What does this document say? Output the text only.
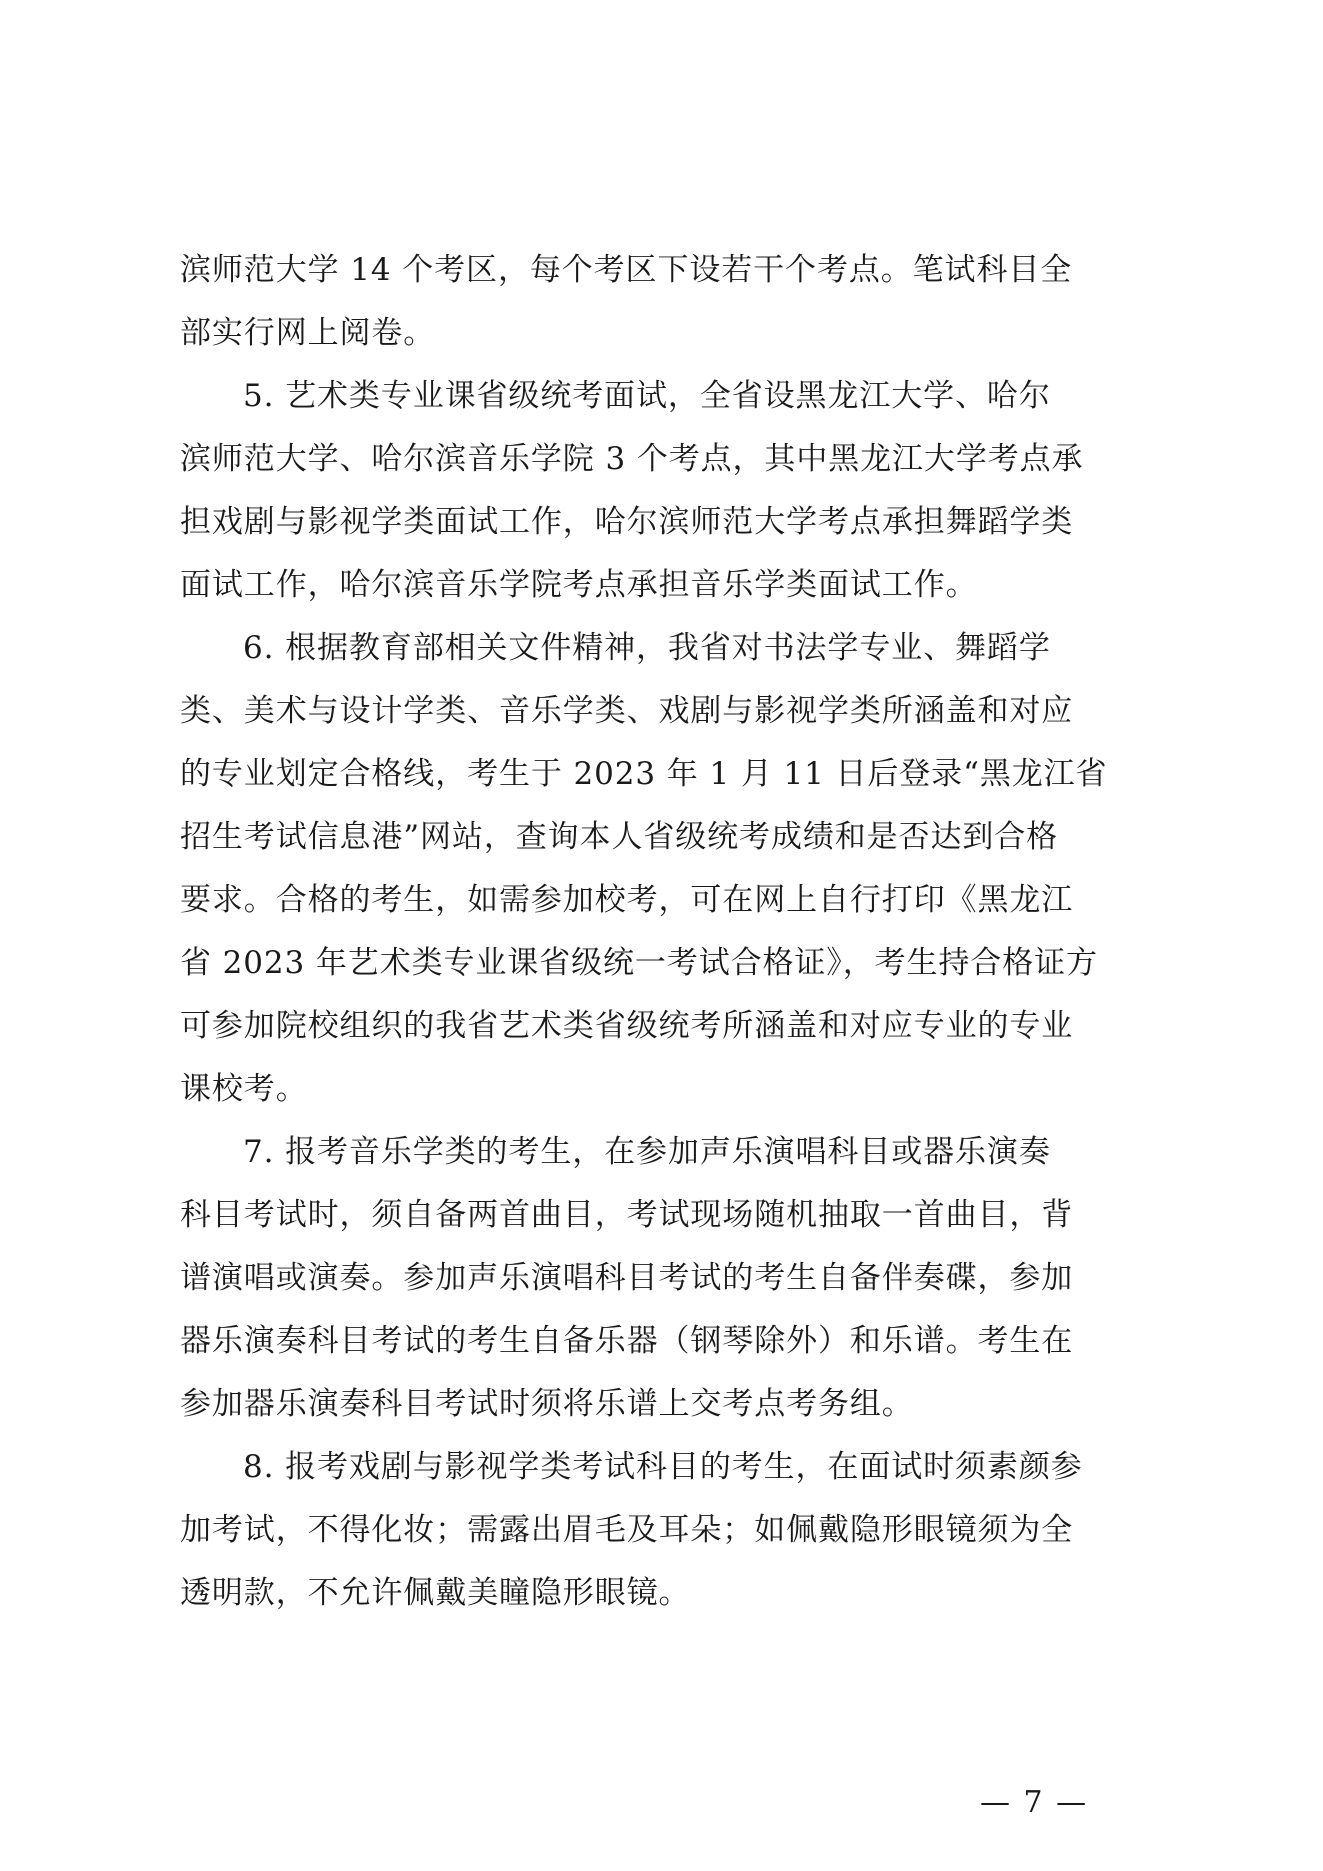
滨师范大学 14 个考区，每个考区下设若干个考点。笔试科目全
部实行网上阅卷。
5. 艺术类专业课省级统考面试，全省设黑龙江大学、哈尔
滨师范大学、哈尔滨音乐学院 3 个考点，其中黑龙江大学考点承
担戏剧与影视学类面试工作，哈尔滨师范大学考点承担舞蹈学类
面试工作，哈尔滨音乐学院考点承担音乐学类面试工作。
6. 根据教育部相关文件精神，我省对书法学专业、舞蹈学
类、美术与设计学类、音乐学类、戏剧与影视学类所涵盖和对应
的专业划定合格线，考生于 2023 年 1 月 11 日后登录“黑龙江省
招生考试信息港”网站，查询本人省级统考成绩和是否达到合格
要求。合格的考生，如需参加校考，可在网上自行打印《黑龙江
省 2023 年艺术类专业课省级统一考试合格证》，考生持合格证方
可参加院校组织的我省艺术类省级统考所涵盖和对应专业的专业
课校考。
7. 报考音乐学类的考生，在参加声乐演唱科目或器乐演奏
科目考试时，须自备两首曲目，考试现场随机抽取一首曲目，背
谱演唱或演奏。参加声乐演唱科目考试的考生自备伴奏碟，参加
器乐演奏科目考试的考生自备乐器（钢琴除外）和乐谱。考生在
参加器乐演奏科目考试时须将乐谱上交考点考务组。
8. 报考戏剧与影视学类考试科目的考生，在面试时须素颜参
加考试，不得化妆；需露出眉毛及耳朵；如佩戴隐形眼镜须为全
透明款，不允许佩戴美瞳隐形眼镜。
— 7 —
